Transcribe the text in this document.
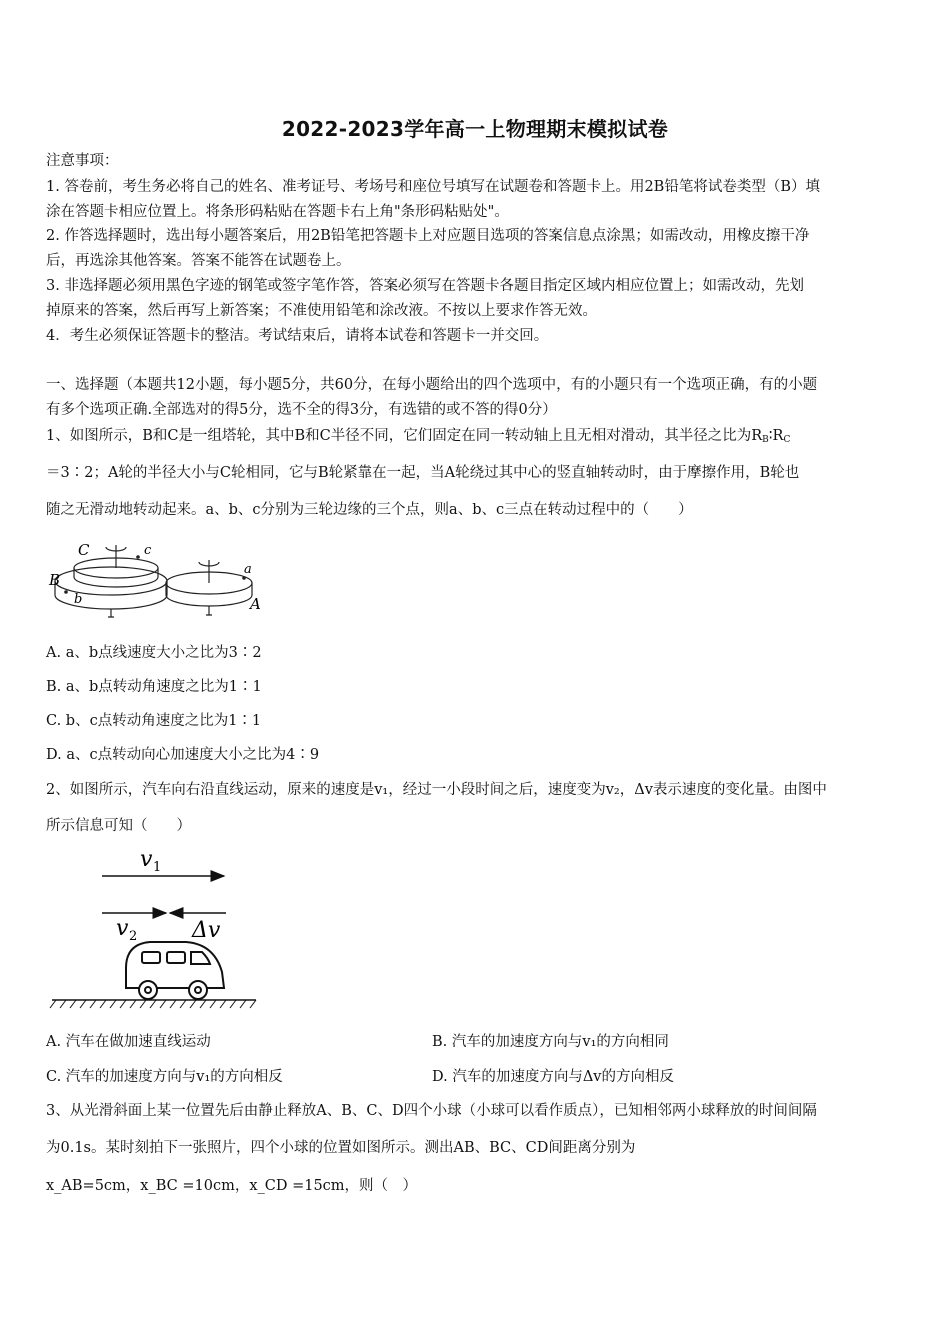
2022-2023学年高一上物理期末模拟试卷
注意事项：
1. 答卷前，考生务必将自己的姓名、准考证号、考场号和座位号填写在试题卷和答题卡上。用2B铅笔将试卷类型（B）填
涂在答题卡相应位置上。将条形码粘贴在答题卡右上角"条形码粘贴处"。
2. 作答选择题时，选出每小题答案后，用2B铅笔把答题卡上对应题目选项的答案信息点涂黑；如需改动，用橡皮擦干净
后，再选涂其他答案。答案不能答在试题卷上。
3. 非选择题必须用黑色字迹的钢笔或签字笔作答，答案必须写在答题卡各题目指定区域内相应位置上；如需改动，先划
掉原来的答案，然后再写上新答案；不准使用铅笔和涂改液。不按以上要求作答无效。
4．考生必须保证答题卡的整洁。考试结束后，请将本试卷和答题卡一并交回。
一、选择题（本题共12小题，每小题5分，共60分，在每小题给出的四个选项中，有的小题只有一个选项正确，有的小题
有多个选项正确.全部选对的得5分，选不全的得3分，有选错的或不答的得0分）
1、如图所示，B和C是一组塔轮，其中B和C半径不同，它们固定在同一转动轴上且无相对滑动，其半径之比为$R_B∶R_C$
＝3∶2；A轮的半径大小与C轮相同，它与B轮紧靠在一起，当A轮绕过其中心的竖直轴转动时，由于摩擦作用，B轮也
随之无滑动地转动起来。a、b、c分别为三轮边缘的三个点，则a、b、c三点在转动过程中的（　　）
C	c
B
b
a
A
A. a、b点线速度大小之比为3∶2
B. a、b点转动角速度之比为1∶1
C. b、c点转动角速度之比为1∶1
D. a、c点转动向心加速度大小之比为4∶9
2、如图所示，汽车向右沿直线运动，原来的速度是v₁，经过一小段时间之后，速度变为v₂，Δv表示速度的变化量。由图中
所示信息可知（　　）
v 1
v 2 Δv
A. 汽车在做加速直线运动	B. 汽车的加速度方向与v₁的方向相同
C. 汽车的加速度方向与v₁的方向相反	D. 汽车的加速度方向与Δv的方向相反
3、从光滑斜面上某一位置先后由静止释放A、B、C、D四个小球（小球可以看作质点），已知相邻两小球释放的时间间隔
为0.1s。某时刻拍下一张照片，四个小球的位置如图所示。测出AB、BC、CD间距离分别为
x_AB=5cm，x_BC =10cm，x_CD =15cm，则（　）
